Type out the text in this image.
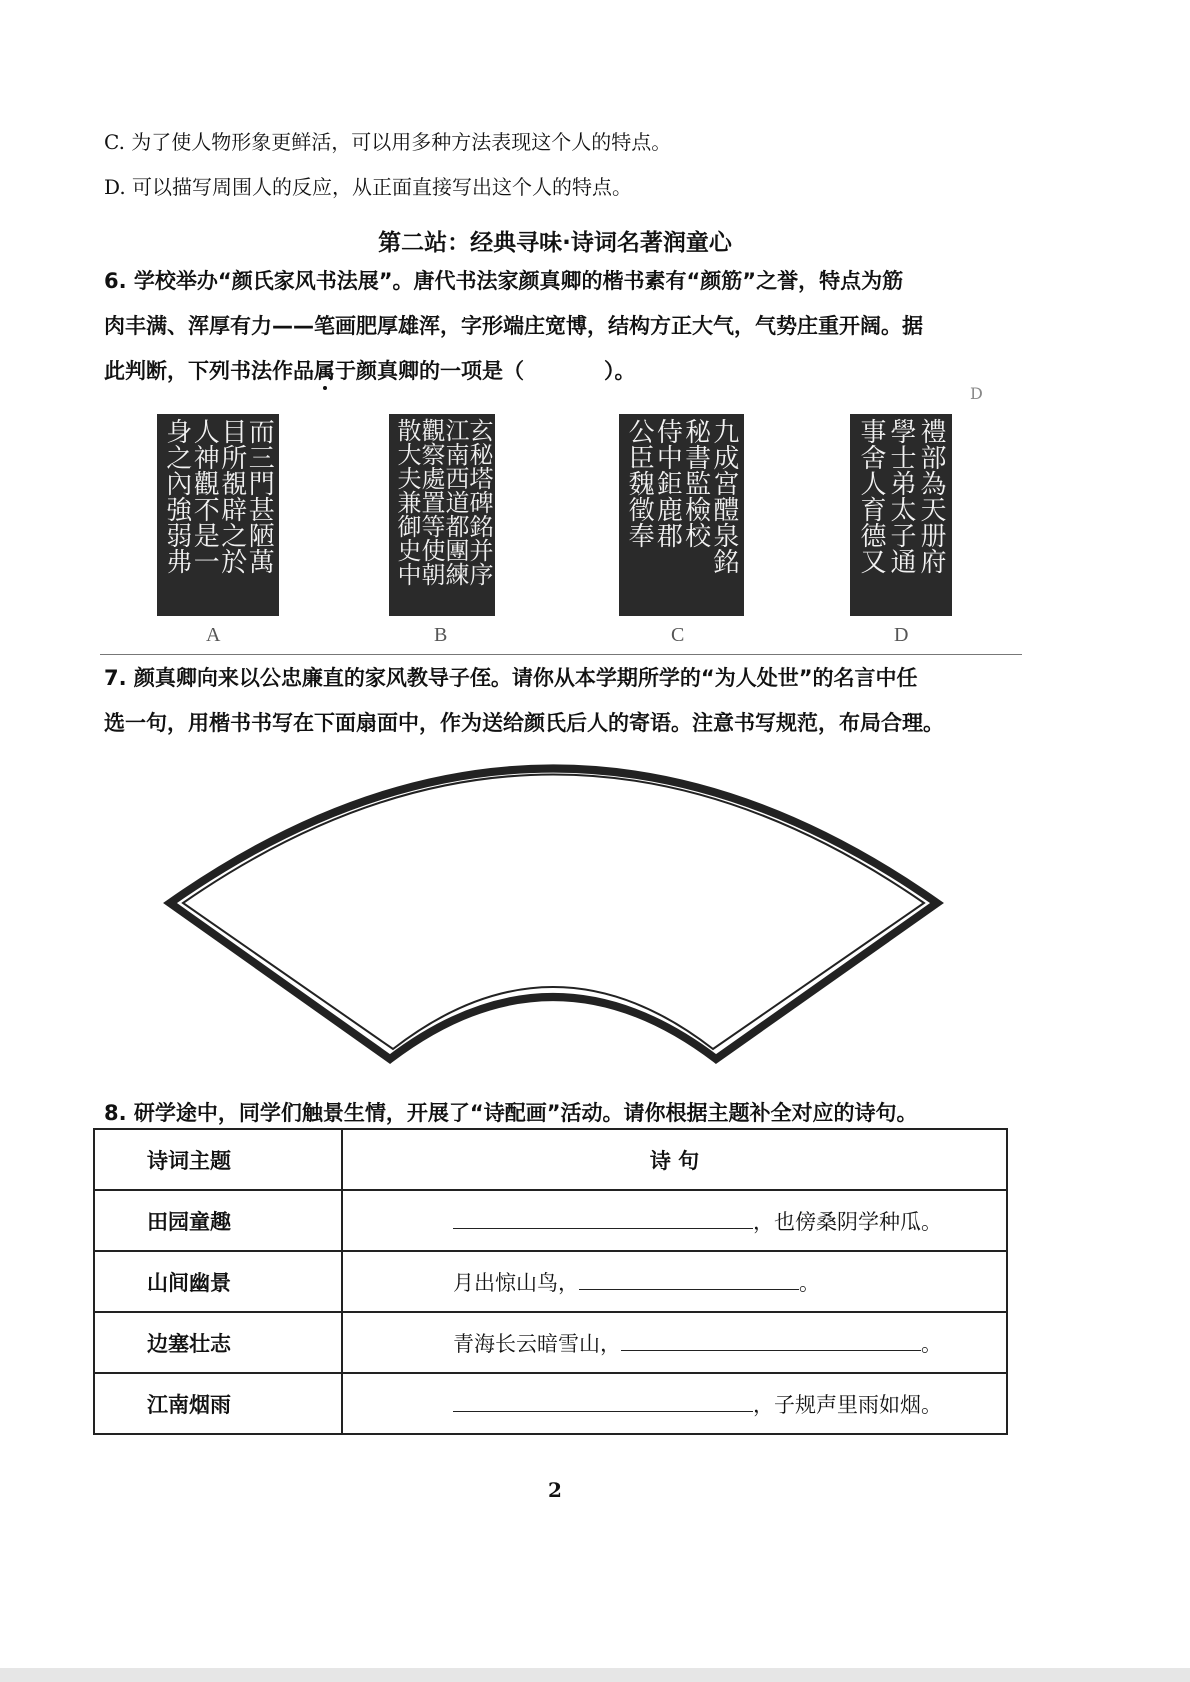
C. 为了使人物形象更鲜活，可以用多种方法表现这个人的特点。
D. 可以描写周围人的反应，从正面直接写出这个人的特点。
第二站：经典寻味·诗词名著润童心
6. 学校举办“颜氏家风书法展”。唐代书法家颜真卿的楷书素有“颜筋”之誉，特点为筋
肉丰满、浑厚有力——笔画肥厚雄浑，字形端庄宽博，结构方正大气，气势庄重开阔。据
此判断，下列书法作品属于颜真卿的一项是（	）。
D
而三門甚陋萬
目所覩辟之於
人神觀不是一
身之內強弱弗
A
玄秘塔碑銘并序
江南西道都團練
觀察處置等使朝
散大夫兼御史中
B
九成宮醴泉銘
秘書監檢校
侍中鉅鹿郡
公臣魏徵奉
C
禮部為天册府
學士弟太子通
事舍人育德又
D
7. 颜真卿向来以公忠廉直的家风教导子侄。请你从本学期所学的“为人处世”的名言中任
选一句，用楷书书写在下面扇面中，作为送给颜氏后人的寄语。注意书写规范，布局合理。
8. 研学途中，同学们触景生情，开展了“诗配画”活动。请你根据主题补全对应的诗句。
诗词主题	诗 句
田园童趣	，也傍桑阴学种瓜。
山间幽景	月出惊山鸟， 。
边塞壮志	青海长云暗雪山， 。
江南烟雨	，子规声里雨如烟。
2
